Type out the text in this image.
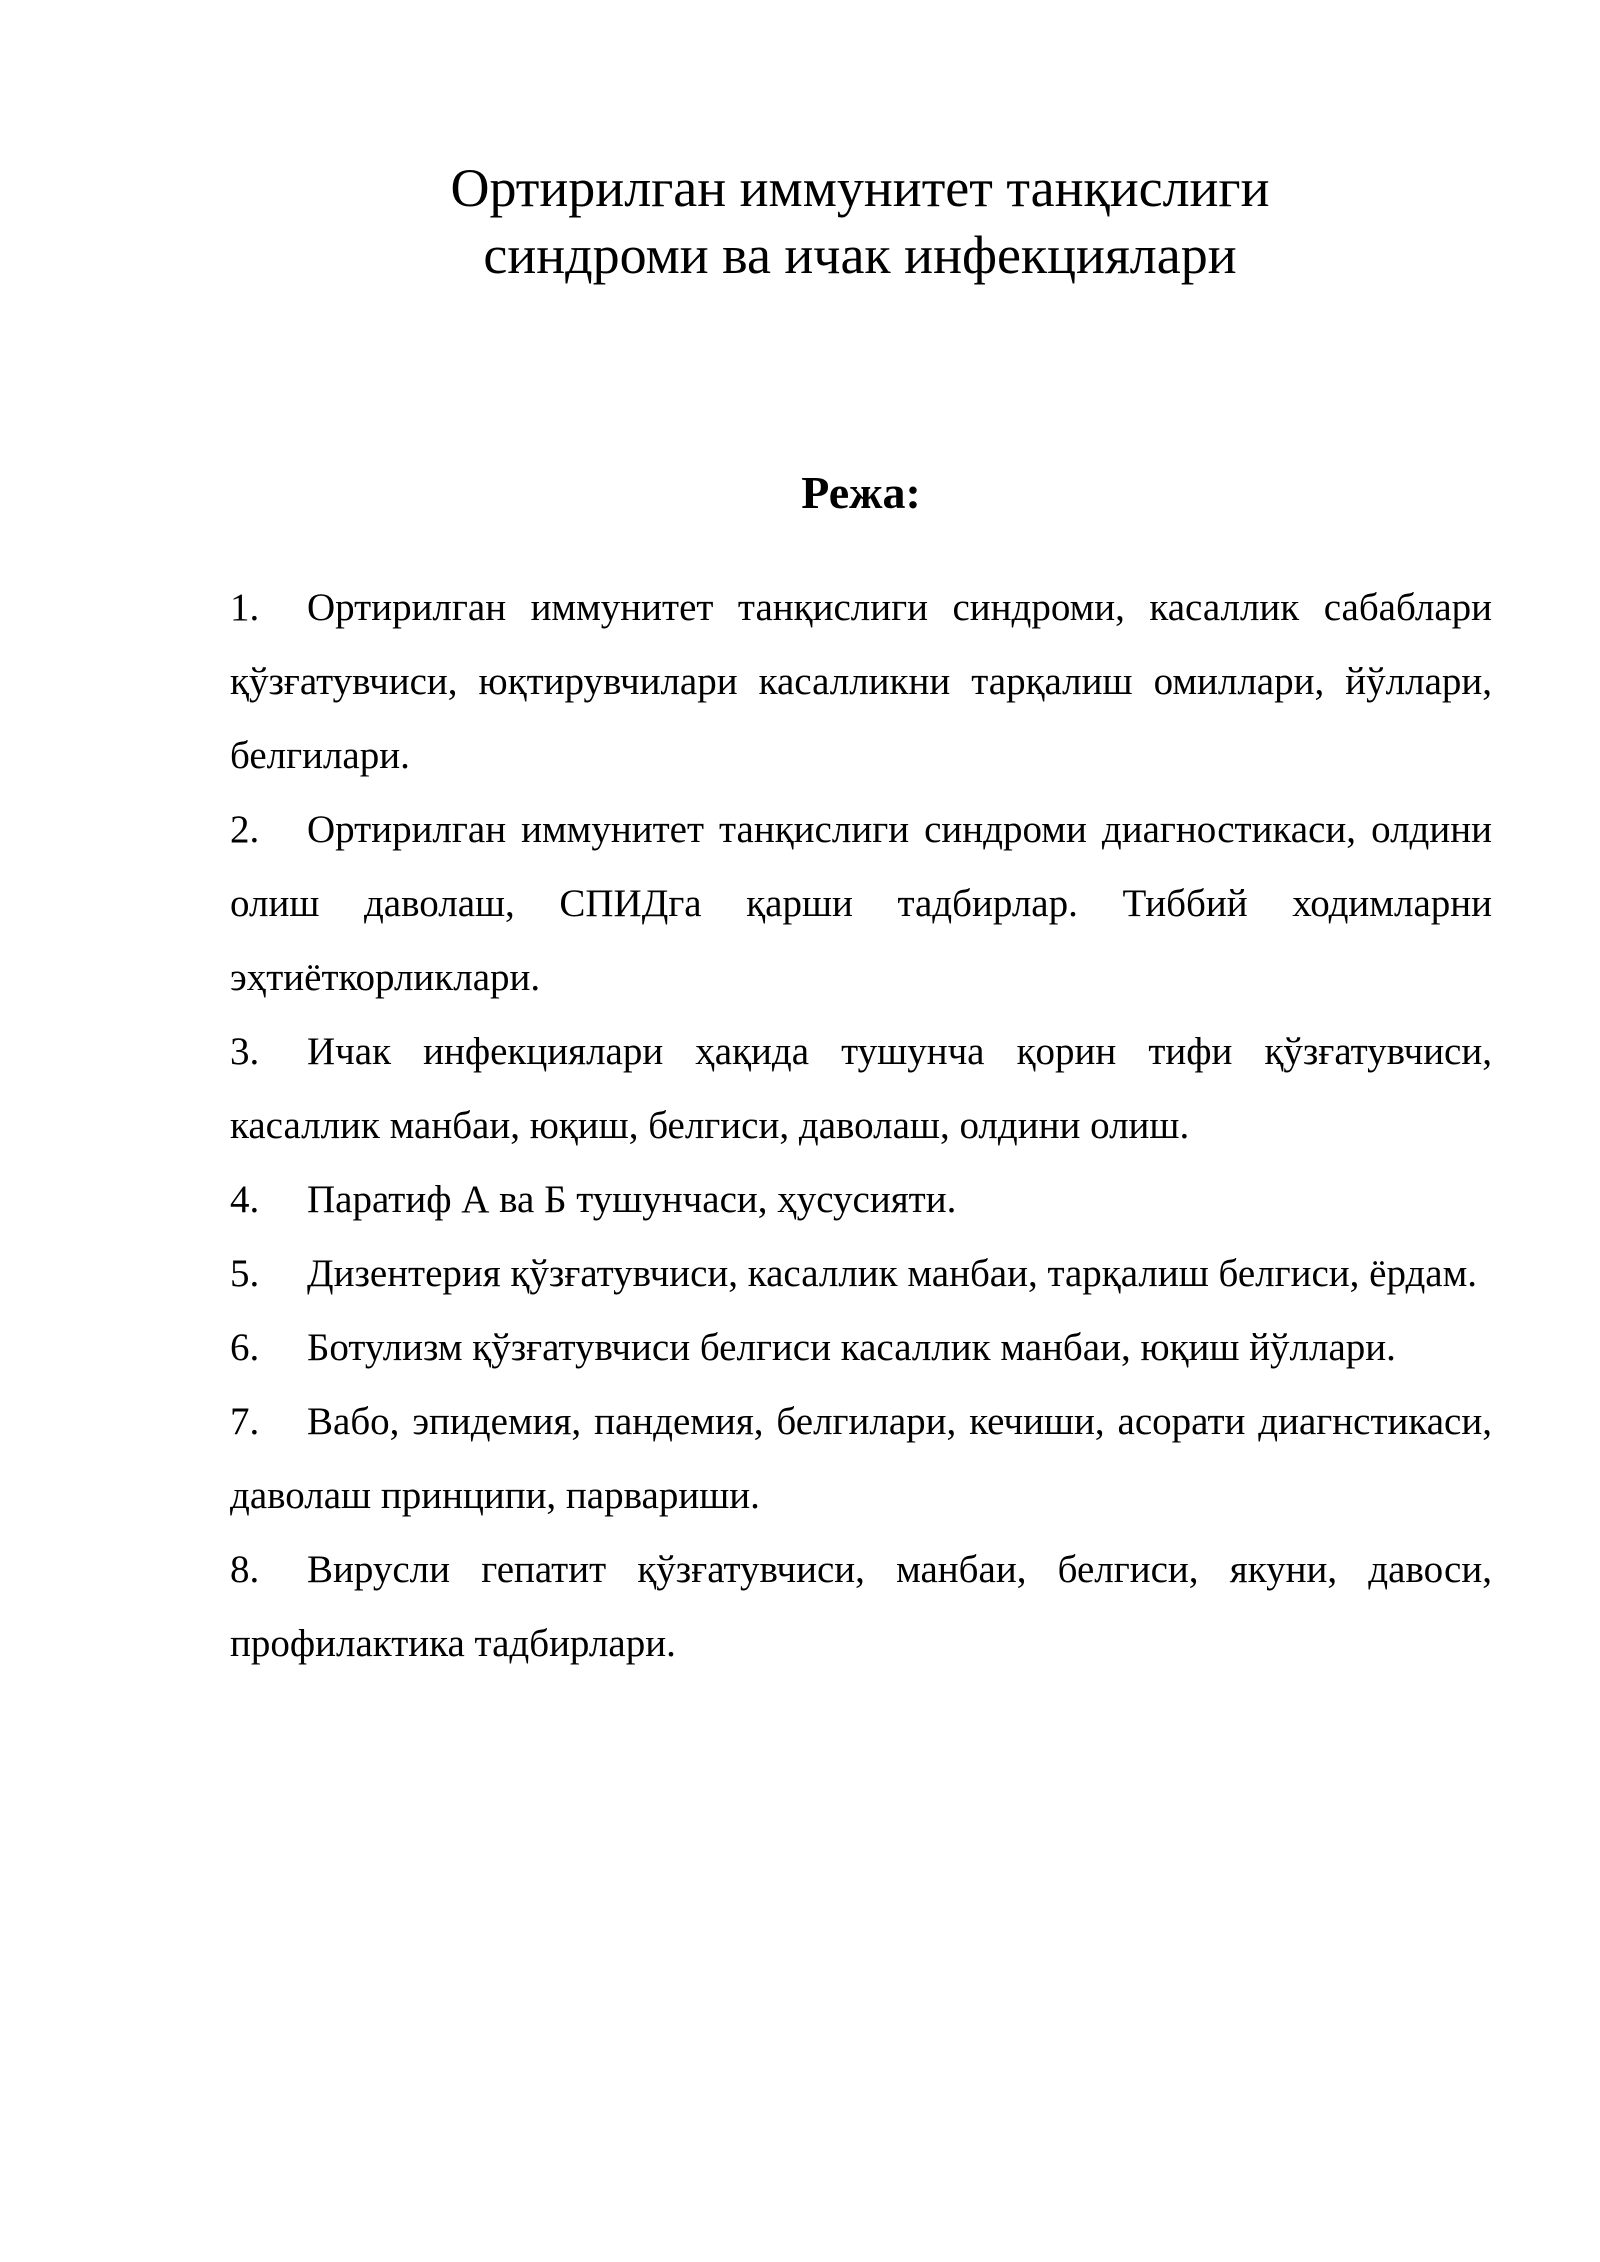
Ортирилган иммунитет танқислиги
синдроми ва ичак инфекциялари
Режа:
1. Ортирилган иммунитет танқислиги синдроми, касаллик сабаблари қўзғатувчиси, юқтирувчилари касалликни тарқалиш омиллари, йўллари, белгилари.
2. Ортирилган иммунитет танқислиги синдроми диагностикаси, олдини олиш даволаш, СПИДга қарши тадбирлар. Тиббий ходимларни эҳтиёткорликлари.
3. Ичак инфекциялари ҳақида тушунча қорин тифи қўзғатувчиси, касаллик манбаи, юқиш, белгиси, даволаш, олдини олиш.
4. Паратиф А ва Б тушунчаси, ҳусусияти.
5. Дизентерия қўзғатувчиси, касаллик манбаи, тарқалиш белгиси, ёрдам.
6. Ботулизм қўзғатувчиси белгиси касаллик манбаи, юқиш йўллари.
7. Вабо, эпидемия, пандемия, белгилари, кечиши, асорати диагнстикаси, даволаш принципи, парвариши.
8. Вирусли гепатит қўзғатувчиси, манбаи, белгиси, якуни, давоси, профилактика тадбирлари.
